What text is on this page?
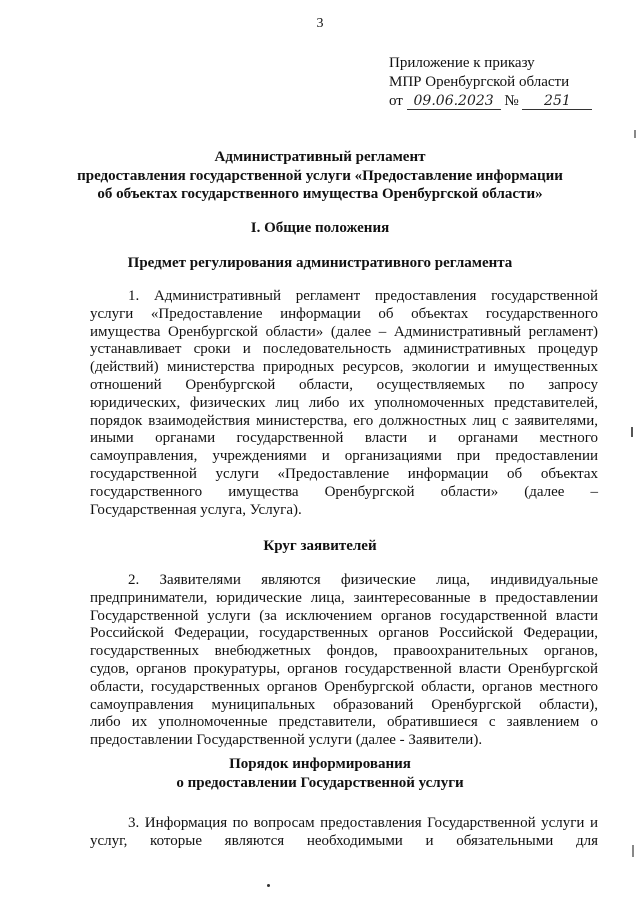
3
Приложение к приказу
МПР Оренбургской области
от 09.06.2023 № 251
Административный регламент
предоставления государственной услуги «Предоставление информации
об объектах государственного имущества Оренбургской области»
I. Общие положения
Предмет регулирования административного регламента
1. Административный регламент предоставления государственной
услуги «Предоставление информации об объектах государственного
имущества Оренбургской области» (далее – Административный регламент)
устанавливает сроки и последовательность административных процедур
(действий) министерства природных ресурсов, экологии и имущественных
отношений Оренбургской области, осуществляемых по запросу
юридических, физических лиц либо их уполномоченных представителей,
порядок взаимодействия министерства, его должностных лиц с заявителями,
иными органами государственной власти и органами местного
самоуправления, учреждениями и организациями при предоставлении
государственной услуги «Предоставление информации об объектах
государственного имущества Оренбургской области» (далее –
Государственная услуга, Услуга).
Круг заявителей
2. Заявителями являются физические лица, индивидуальные
предприниматели, юридические лица, заинтересованные в предоставлении
Государственной услуги (за исключением органов государственной власти
Российской Федерации, государственных органов Российской Федерации,
государственных внебюджетных фондов, правоохранительных органов,
судов, органов прокуратуры, органов государственной власти Оренбургской
области, государственных органов Оренбургской области, органов местного
самоуправления муниципальных образований Оренбургской области),
либо их уполномоченные представители, обратившиеся с заявлением о
предоставлении Государственной услуги (далее - Заявители).
Порядок информирования
о предоставлении Государственной услуги
3. Информация по вопросам предоставления Государственной услуги и
услуг, которые являются необходимыми и обязательными для
